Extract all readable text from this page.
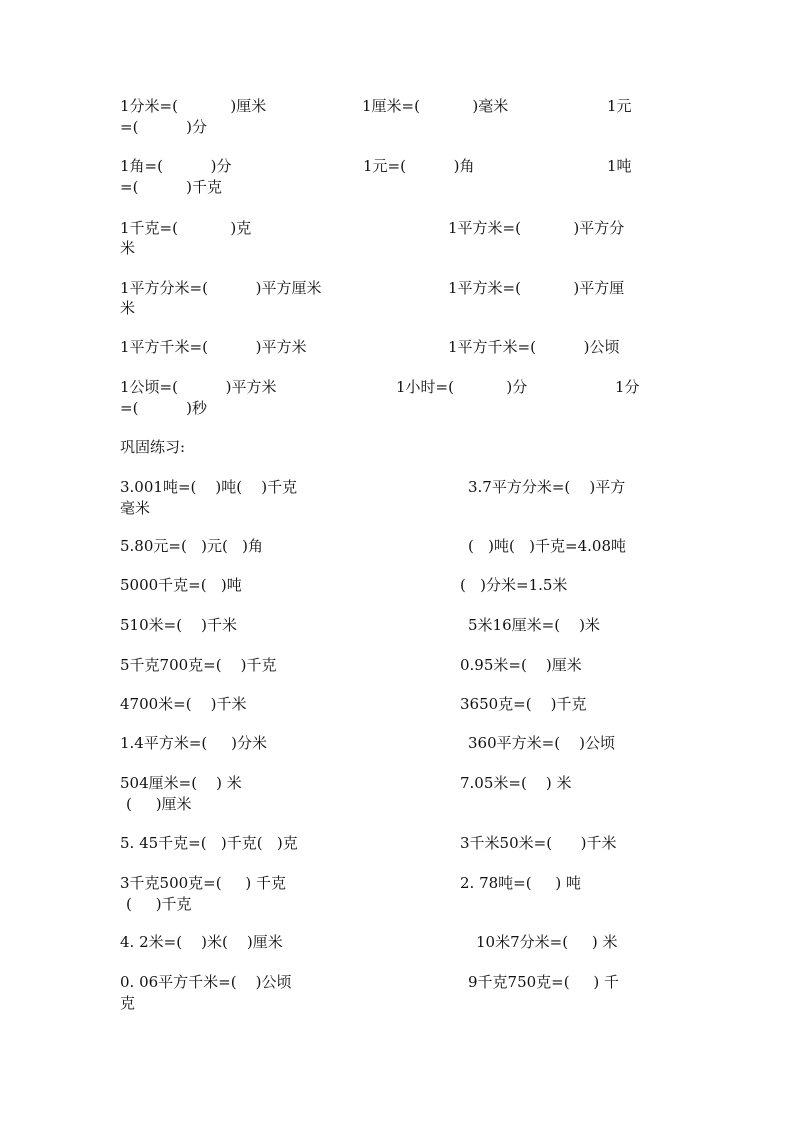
1分米=(           )厘米	1厘米=(           )毫米	1元
=(          )分
1角=(          )分	1元=(          )角	1吨
=(          )千克
1千克=(           )克	1平方米=(           )平方分
米
1平方分米=(          )平方厘米	1平方米=(           )平方厘
米
1平方千米=(          )平方米	1平方千米=(          )公顷
1公顷=(          )平方米	1小时=(           )分	1分
=(          )秒
巩固练习:
3.001吨=(    )吨(    )千克	3.7平方分米=(    )平方
毫米
5.80元=(   )元(   )角	(   )吨(   )千克=4.08吨
5000千克=(   )吨	(   )分米=1.5米
510米=(    )千米	5米16厘米=(    )米
5千克700克=(    )千克	0.95米=(    )厘米
4700米=(    )千米	3650克=(    )千克
1.4平方米=(     )分米	360平方米=(    )公顷
504厘米=(    ) 米	7.05米=(    ) 米
(     )厘米
5. 45千克=(   )千克(   )克	3千米50米=(      )千米
3千克500克=(     ) 千克	2. 78吨=(     ) 吨
(     )千克
4. 2米=(    )米(    )厘米	10米7分米=(     ) 米
0. 06平方千米=(    )公顷	9千克750克=(     ) 千
克
